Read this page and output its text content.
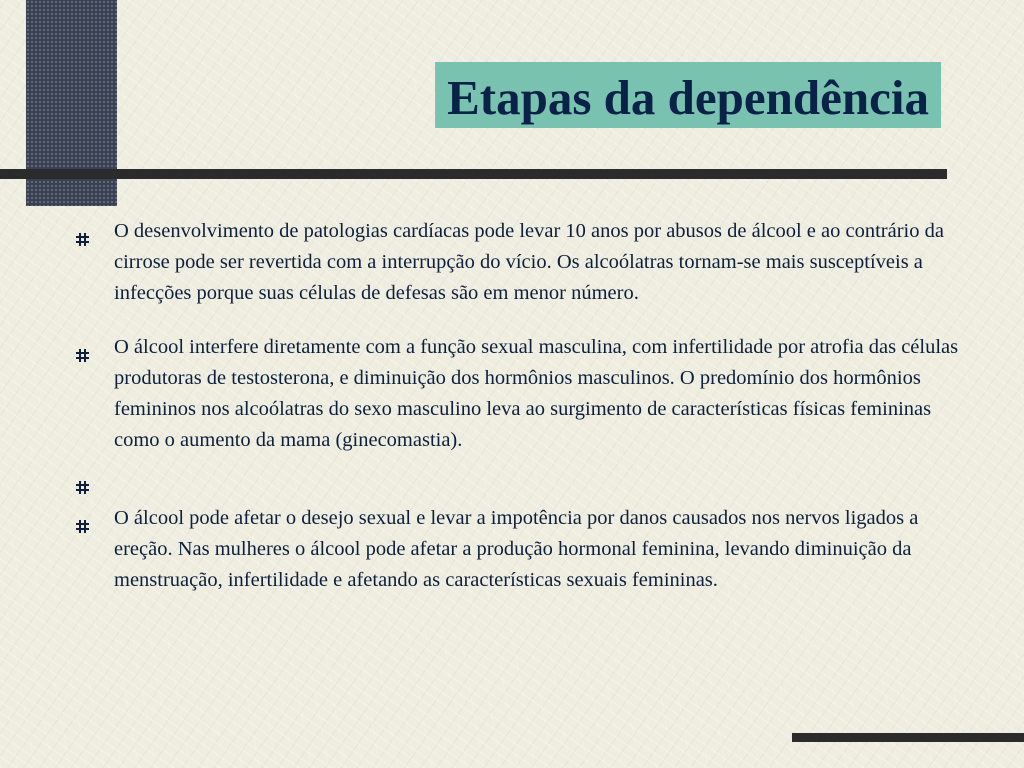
Etapas da dependência
O desenvolvimento de patologias cardíacas pode levar 10 anos por abusos de álcool e ao contrário da cirrose pode ser revertida com a interrupção do vício. Os alcoólatras tornam-se mais susceptíveis a infecções porque suas células de defesas são em menor número.
O álcool interfere diretamente com a função sexual masculina, com infertilidade por atrofia das células produtoras de testosterona, e diminuição dos hormônios masculinos. O predomínio dos hormônios femininos nos alcoólatras do sexo masculino leva ao surgimento de características físicas femininas como o aumento da mama (ginecomastia).
O álcool pode afetar o desejo sexual e levar a impotência por danos causados nos nervos ligados a ereção. Nas mulheres o álcool pode afetar a produção hormonal feminina, levando diminuição da menstruação, infertilidade e afetando as características sexuais femininas.
